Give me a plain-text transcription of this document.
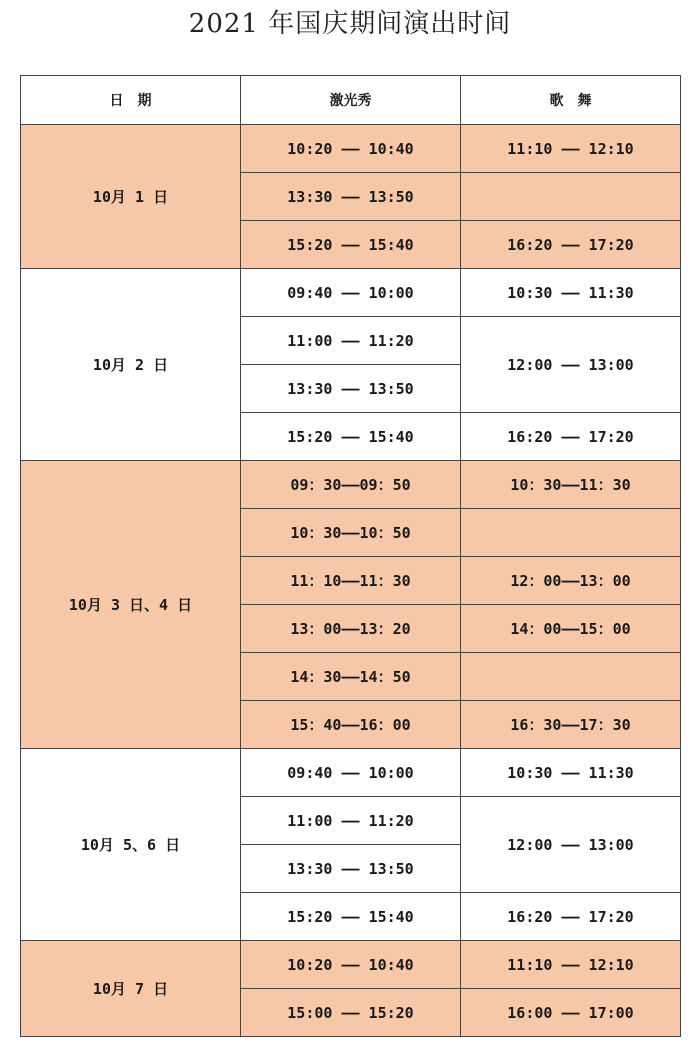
2021 年国庆期间演出时间
日　期	激光秀	歌　舞
10月 1 日	10:20 —— 10:40	11:10 —— 12:10
	13:30 —— 13:50	
	15:20 —— 15:40	16:20 —— 17:20
10月 2 日	09:40 —— 10:00	10:30 —— 11:30
	11:00 —— 11:20	12:00 —— 13:00
	13:30 —— 13:50	
	15:20 —— 15:40	16:20 —— 17:20
10月 3 日、4 日	09：30——09：50	10：30——11：30
	10：30——10：50	
	11：10——11：30	12：00——13：00
	13：00——13：20	14：00——15：00
	14：30——14：50	
	15：40——16：00	16：30——17：30
10月 5、6 日	09:40 —— 10:00	10:30 —— 11:30
	11:00 —— 11:20	12:00 —— 13:00
	13:30 —— 13:50	
	15:20 —— 15:40	16:20 —— 17:20
10月 7 日	10:20 —— 10:40	11:10 —— 12:10
	15:00 —— 15:20	16:00 —— 17:00
